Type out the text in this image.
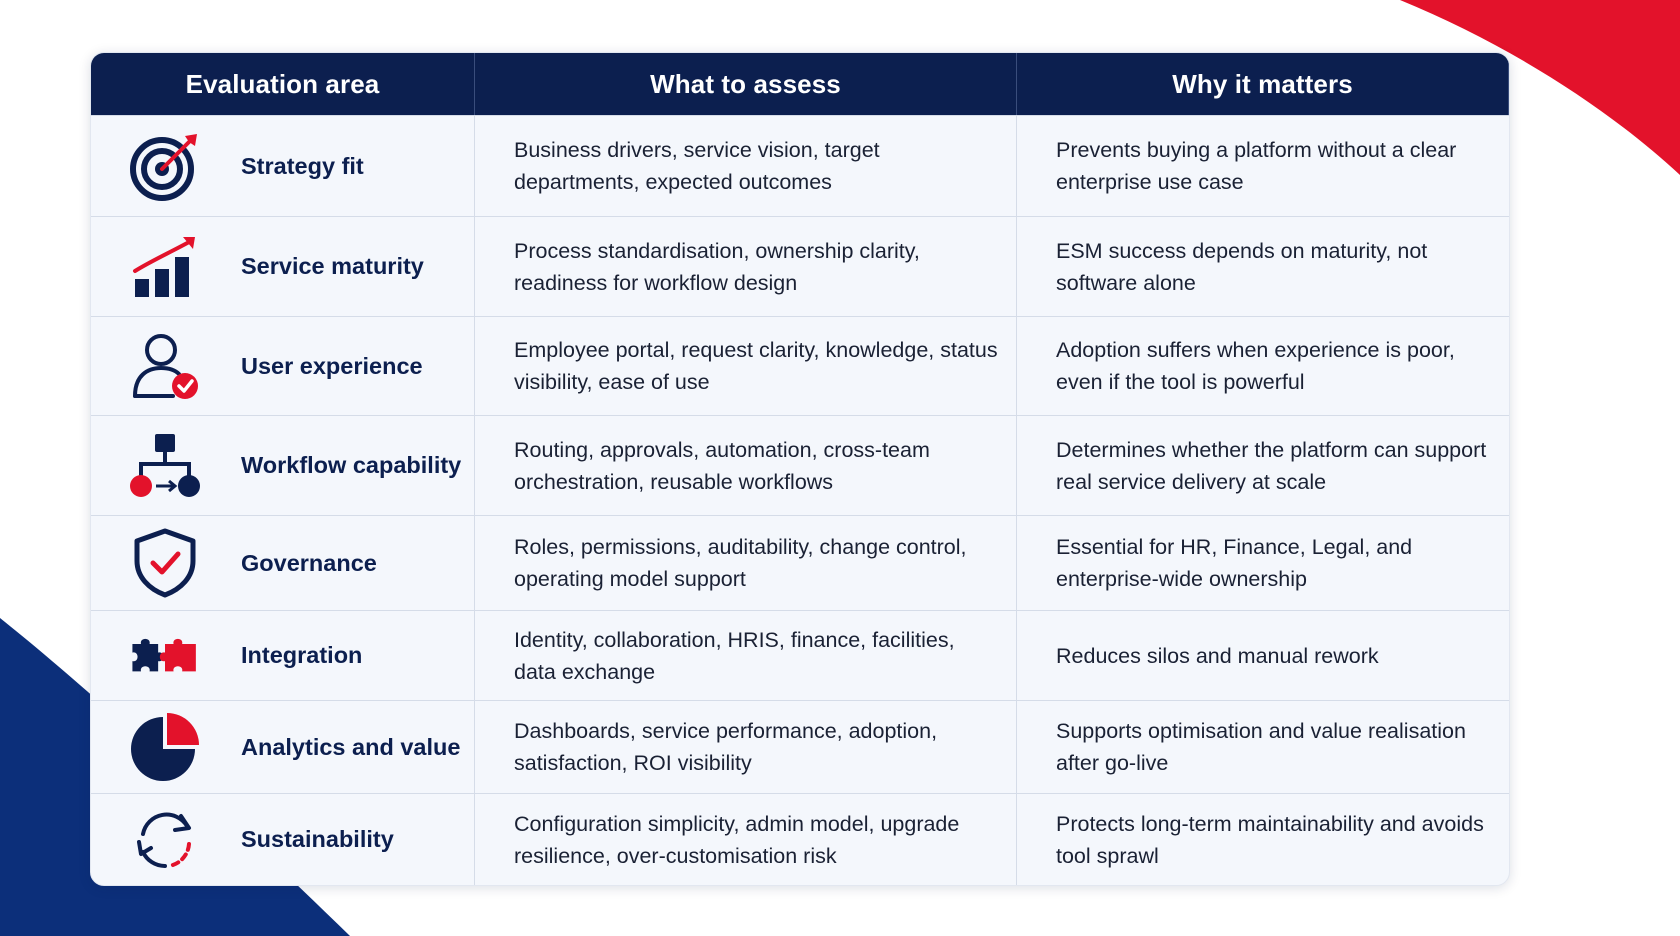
Evaluation area	What to assess	Why it matters
Strategy fit
Business drivers, service vision, target departments, expected outcomes
Prevents buying a platform without a clear enterprise use case
Service maturity
Process standardisation, ownership clarity, readiness for workflow design
ESM success depends on maturity, not software alone
User experience
Employee portal, request clarity, knowledge, status visibility, ease of use
Adoption suffers when experience is poor, even if the tool is powerful
Workflow capability
Routing, approvals, automation, cross-team orchestration, reusable workflows
Determines whether the platform can support real service delivery at scale
Governance
Roles, permissions, auditability, change control, operating model support
Essential for HR, Finance, Legal, and enterprise-wide ownership
Integration
Identity, collaboration, HRIS, finance, facilities, data exchange
Reduces silos and manual rework
Analytics and value
Dashboards, service performance, adoption, satisfaction, ROI visibility
Supports optimisation and value realisation after go-live
Sustainability
Configuration simplicity, admin model, upgrade resilience, over-customisation risk
Protects long-term maintainability and avoids tool sprawl
